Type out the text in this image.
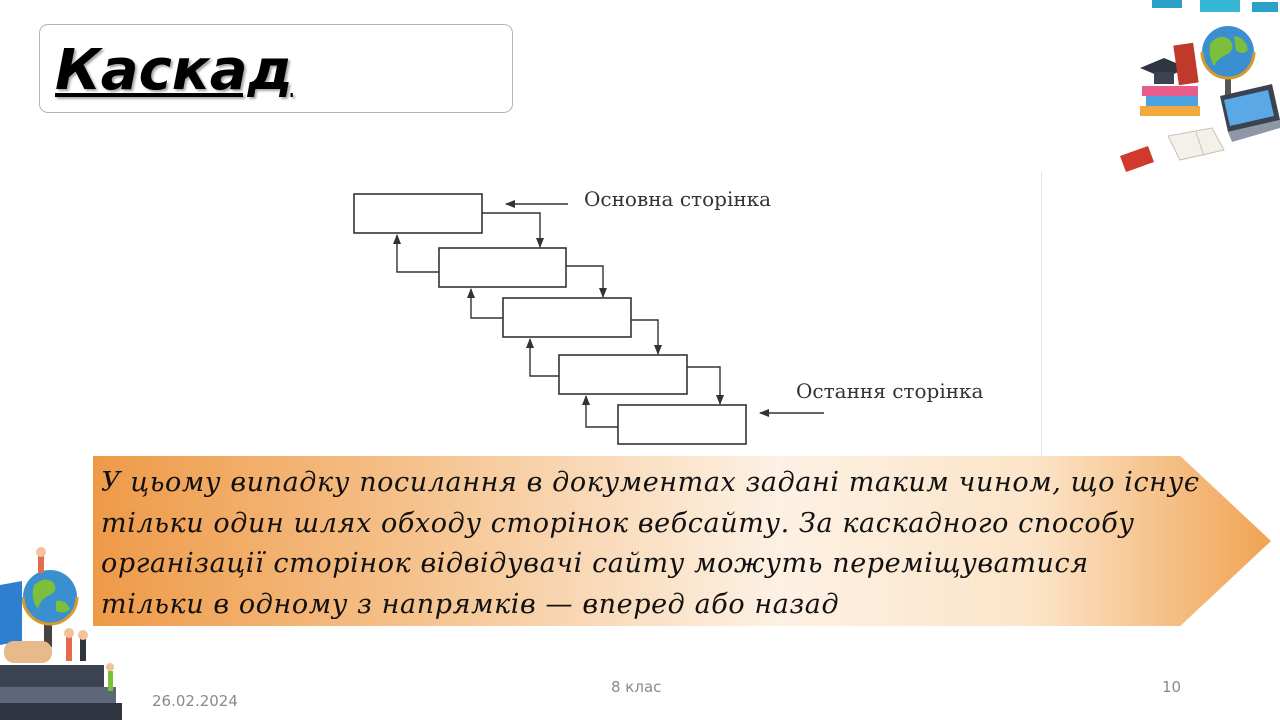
Каскад
Основна сторінка
Остання сторінка

У цьому випадку посилання в документах задані таким чином, що існує тільки один шлях обходу сторінок вебсайту. За каскадного способу організації сторінок відвідувачі сайту можуть переміщуватися тільки в одному з напрямків — вперед або назад

26.02.2024
8 клас	10
